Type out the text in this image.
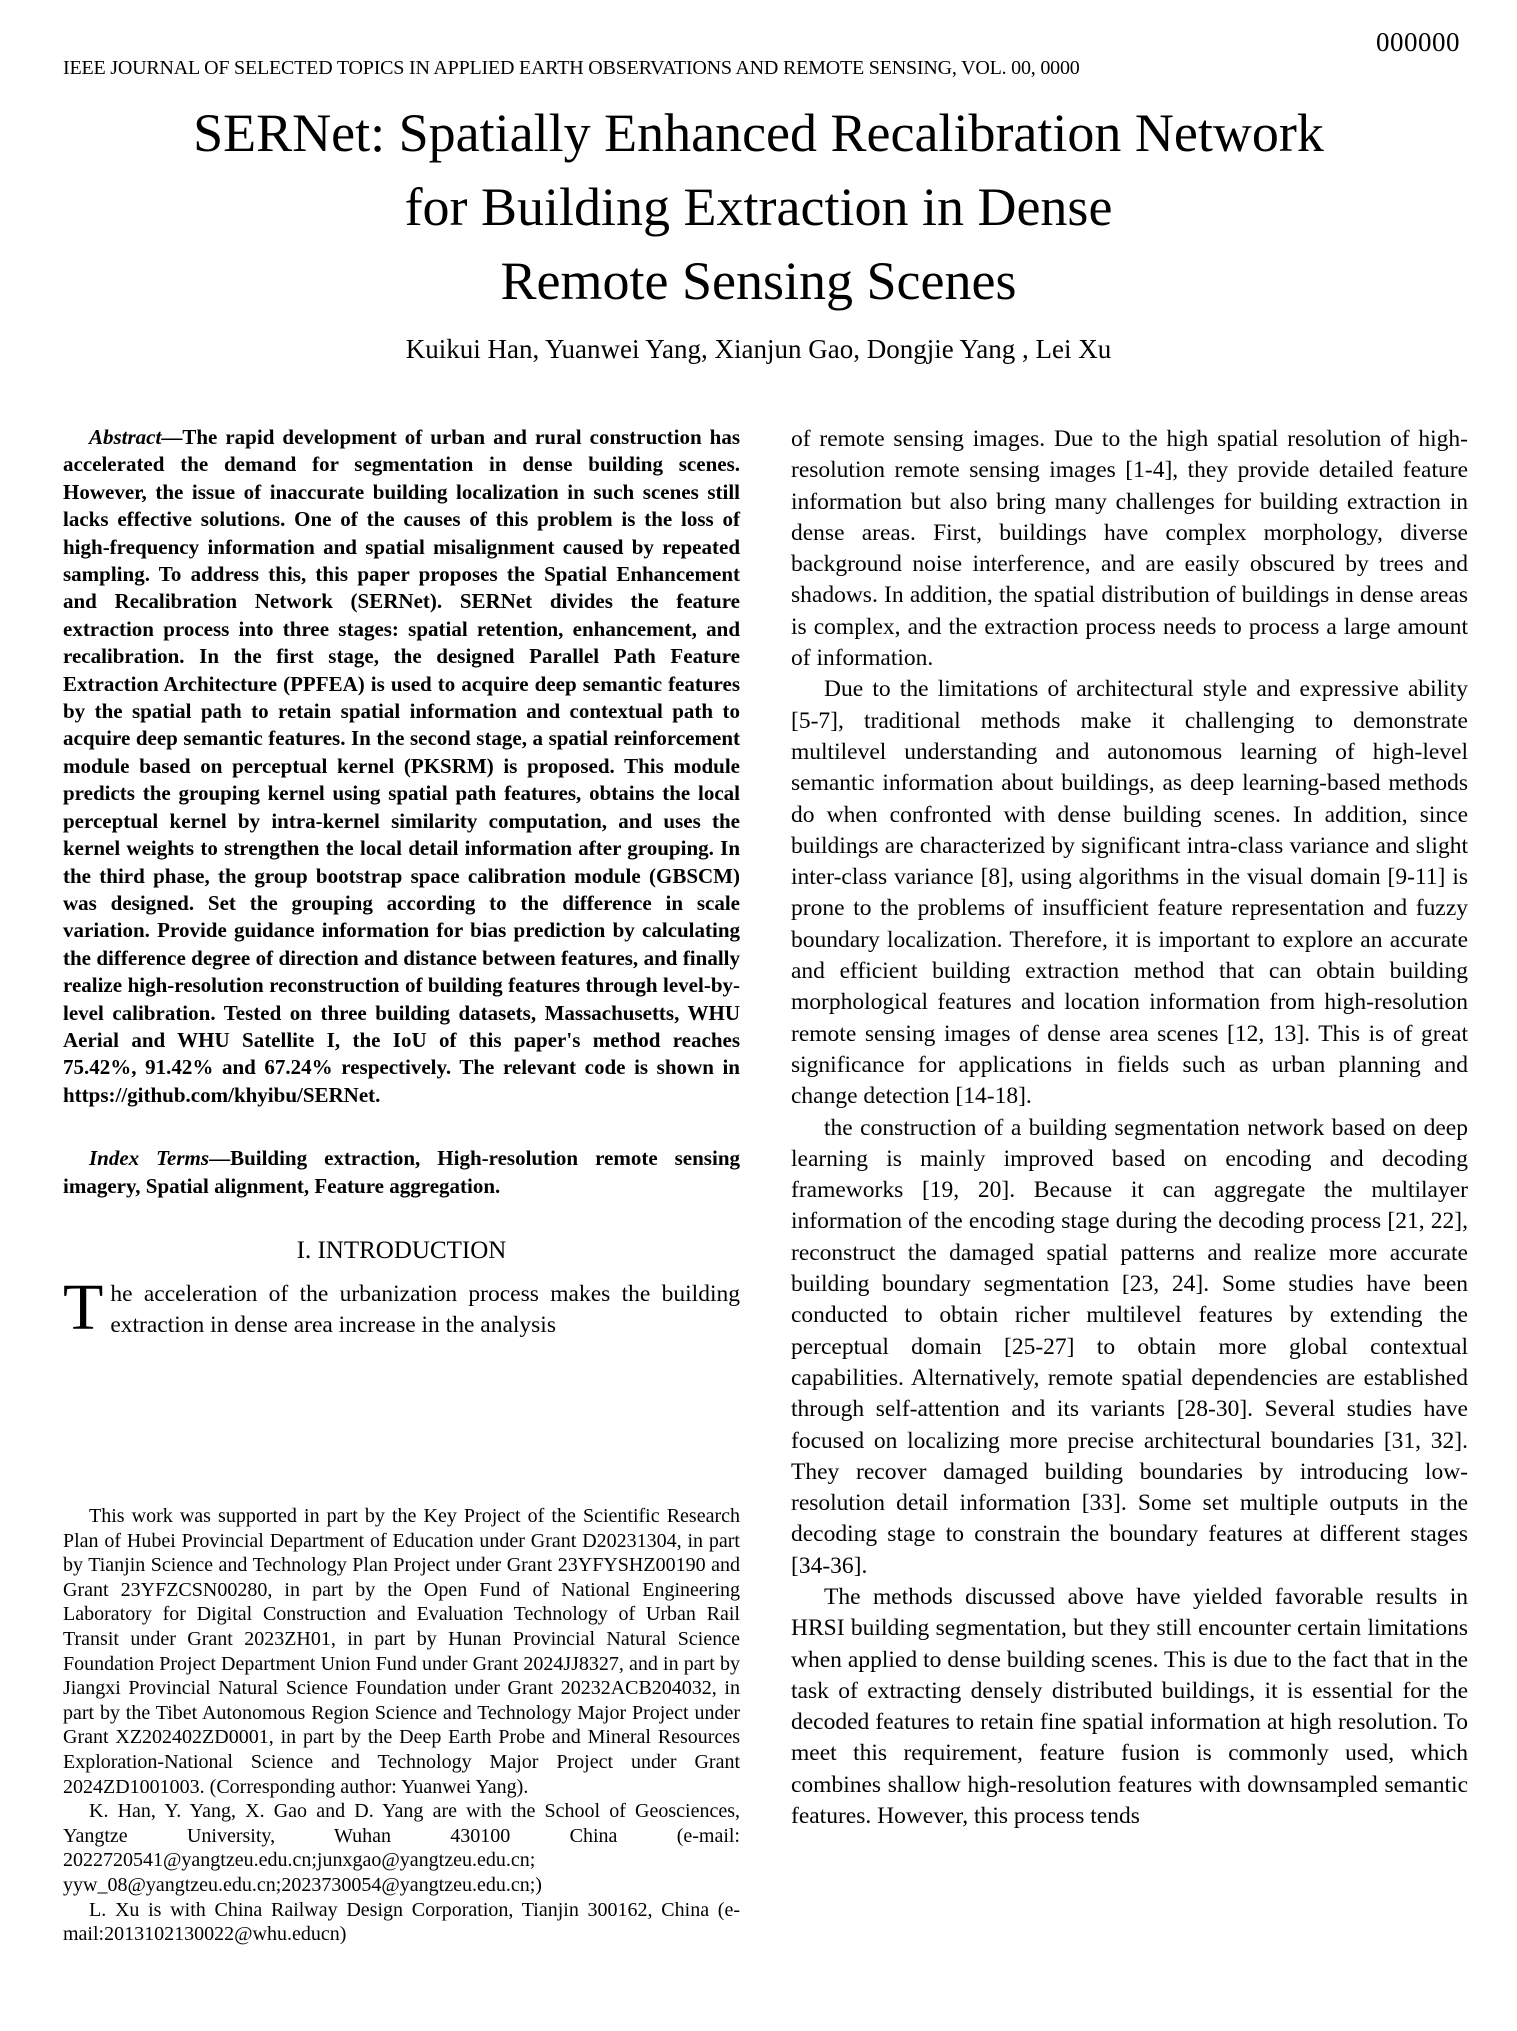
000000
IEEE JOURNAL OF SELECTED TOPICS IN APPLIED EARTH OBSERVATIONS AND REMOTE SENSING, VOL. 00, 0000
SERNet: Spatially Enhanced Recalibration Network
for Building Extraction in Dense
Remote Sensing Scenes
Kuikui Han, Yuanwei Yang, Xianjun Gao, Dongjie Yang , Lei Xu

Abstract—The rapid development of urban and rural construction has accelerated the demand for segmentation in dense building scenes. However, the issue of inaccurate building localization in such scenes still lacks effective solutions. One of the causes of this problem is the loss of high-frequency information and spatial misalignment caused by repeated sampling. To address this, this paper proposes the Spatial Enhancement and Recalibration Network (SERNet). SERNet divides the feature extraction process into three stages: spatial retention, enhancement, and recalibration. In the first stage, the designed Parallel Path Feature Extraction Architecture (PPFEA) is used to acquire deep semantic features by the spatial path to retain spatial information and contextual path to acquire deep semantic features. In the second stage, a spatial reinforcement module based on perceptual kernel (PKSRM) is proposed. This module predicts the grouping kernel using spatial path features, obtains the local perceptual kernel by intra-kernel similarity computation, and uses the kernel weights to strengthen the local detail information after grouping. In the third phase, the group bootstrap space calibration module (GBSCM) was designed. Set the grouping according to the difference in scale variation. Provide guidance information for bias prediction by calculating the difference degree of direction and distance between features, and finally realize high-resolution reconstruction of building features through level-by-level calibration. Tested on three building datasets, Massachusetts, WHU Aerial and WHU Satellite I, the IoU of this paper's method reaches 75.42%, 91.42% and 67.24% respectively. The relevant code is shown in https://github.com/khyibu/SERNet.

Index Terms—Building extraction, High-resolution remote sensing imagery, Spatial alignment, Feature aggregation.

I. INTRODUCTION

The acceleration of the urbanization process makes the building extraction in dense area increase in the analysis

This work was supported in part by the Key Project of the Scientific Research Plan of Hubei Provincial Department of Education under Grant D20231304, in part by Tianjin Science and Technology Plan Project under Grant 23YFYSHZ00190 and Grant 23YFZCSN00280, in part by the Open Fund of National Engineering Laboratory for Digital Construction and Evaluation Technology of Urban Rail Transit under Grant 2023ZH01, in part by Hunan Provincial Natural Science Foundation Project Department Union Fund under Grant 2024JJ8327, and in part by Jiangxi Provincial Natural Science Foundation under Grant 20232ACB204032, in part by the Tibet Autonomous Region Science and Technology Major Project under Grant XZ202402ZD0001, in part by the Deep Earth Probe and Mineral Resources Exploration-National Science and Technology Major Project under Grant 2024ZD1001003. (Corresponding author: Yuanwei Yang).

K. Han, Y. Yang, X. Gao and D. Yang are with the School of Geosciences, Yangtze University, Wuhan 430100 China (e-mail: 2022720541@yangtzeu.edu.cn;junxgao@yangtzeu.edu.cn; yyw_08@yangtzeu.edu.cn;2023730054@yangtzeu.edu.cn;)

L. Xu is with China Railway Design Corporation, Tianjin 300162, China (e-mail:2013102130022@whu.educn)

of remote sensing images. Due to the high spatial resolution of high-resolution remote sensing images [1-4], they provide detailed feature information but also bring many challenges for building extraction in dense areas. First, buildings have complex morphology, diverse background noise interference, and are easily obscured by trees and shadows. In addition, the spatial distribution of buildings in dense areas is complex, and the extraction process needs to process a large amount of information.

Due to the limitations of architectural style and expressive ability [5-7], traditional methods make it challenging to demonstrate multilevel understanding and autonomous learning of high-level semantic information about buildings, as deep learning-based methods do when confronted with dense building scenes. In addition, since buildings are characterized by significant intra-class variance and slight inter-class variance [8], using algorithms in the visual domain [9-11] is prone to the problems of insufficient feature representation and fuzzy boundary localization. Therefore, it is important to explore an accurate and efficient building extraction method that can obtain building morphological features and location information from high-resolution remote sensing images of dense area scenes [12, 13]. This is of great significance for applications in fields such as urban planning and change detection [14-18].

the construction of a building segmentation network based on deep learning is mainly improved based on encoding and decoding frameworks [19, 20]. Because it can aggregate the multilayer information of the encoding stage during the decoding process [21, 22], reconstruct the damaged spatial patterns and realize more accurate building boundary segmentation [23, 24]. Some studies have been conducted to obtain richer multilevel features by extending the perceptual domain [25-27] to obtain more global contextual capabilities. Alternatively, remote spatial dependencies are established through self-attention and its variants [28-30]. Several studies have focused on localizing more precise architectural boundaries [31, 32]. They recover damaged building boundaries by introducing low-resolution detail information [33]. Some set multiple outputs in the decoding stage to constrain the boundary features at different stages [34-36].

The methods discussed above have yielded favorable results in HRSI building segmentation, but they still encounter certain limitations when applied to dense building scenes. This is due to the fact that in the task of extracting densely distributed buildings, it is essential for the decoded features to retain fine spatial information at high resolution. To meet this requirement, feature fusion is commonly used, which combines shallow high-resolution features with downsampled semantic features. However, this process tends
